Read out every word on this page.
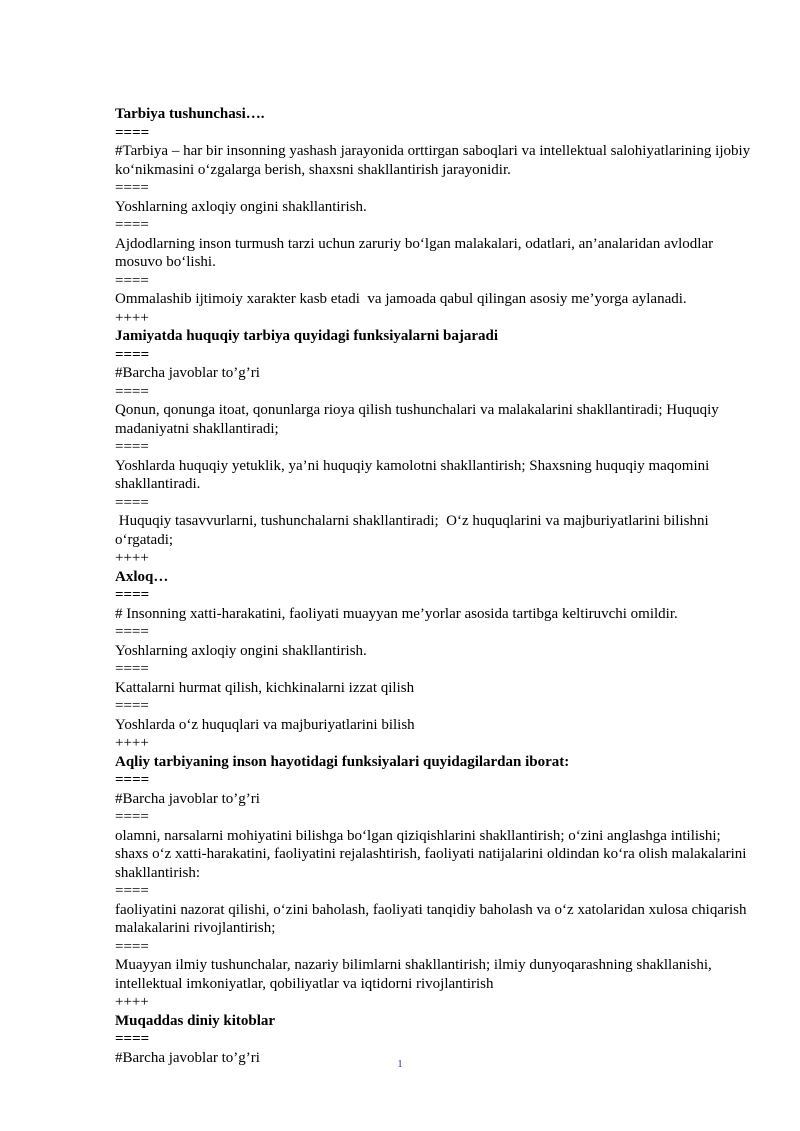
Tarbiya tushunchasi….
====
#Tarbiya – har bir insonning yashash jarayonida orttirgan saboqlari va intellektual salohiyatlarining ijobiy ko‘nikmasini o‘zgalarga berish, shaxsni shakllantirish jarayonidir.
====
Yoshlarning axloqiy ongini shakllantirish.
====
Ajdodlarning inson turmush tarzi uchun zaruriy bo‘lgan malakalari, odatlari, an’analaridan avlodlar mosuvo bo‘lishi.
====
Ommalashib ijtimoiy xarakter kasb etadi  va jamoada qabul qilingan asosiy me’yorga aylanadi.
++++
Jamiyatda huquqiy tarbiya quyidagi funksiyalarni bajaradi
====
#Barcha javoblar to’g’ri
====
Qonun, qonunga itoat, qonunlarga rioya qilish tushunchalari va malakalarini shakllantiradi; Huquqiy madaniyatni shakllantiradi;
====
Yoshlarda huquqiy yetuklik, ya’ni huquqiy kamolotni shakllantirish; Shaxsning huquqiy maqomini shakllantiradi.
====
Huquqiy tasavvurlarni, tushunchalarni shakllantiradi;  O‘z huquqlarini va majburiyatlarini bilishni o‘rgatadi;
++++
Axloq…
====
# Insonning xatti-harakatini, faoliyati muayyan me’yorlar asosida tartibga keltiruvchi omildir.
====
Yoshlarning axloqiy ongini shakllantirish.
====
Kattalarni hurmat qilish, kichkinalarni izzat qilish
====
Yoshlarda o‘z huquqlari va majburiyatlarini bilish
++++
Aqliy tarbiyaning inson hayotidagi funksiyalari quyidagilardan iborat:
====
#Barcha javoblar to’g’ri
====
olamni, narsalarni mohiyatini bilishga bo‘lgan qiziqishlarini shakllantirish; o‘zini anglashga intilishi; shaxs o‘z xatti-harakatini, faoliyatini rejalashtirish, faoliyati natijalarini oldindan ko‘ra olish malakalarini shakllantirish:
====
faoliyatini nazorat qilishi, o‘zini baholash, faoliyati tanqidiy baholash va o‘z xatolaridan xulosa chiqarish malakalarini rivojlantirish;
====
Muayyan ilmiy tushunchalar, nazariy bilimlarni shakllantirish; ilmiy dunyoqarashning shakllanishi, intellektual imkoniyatlar, qobiliyatlar va iqtidorni rivojlantirish
++++
Muqaddas diniy kitoblar
====
#Barcha javoblar to’g’ri	1
